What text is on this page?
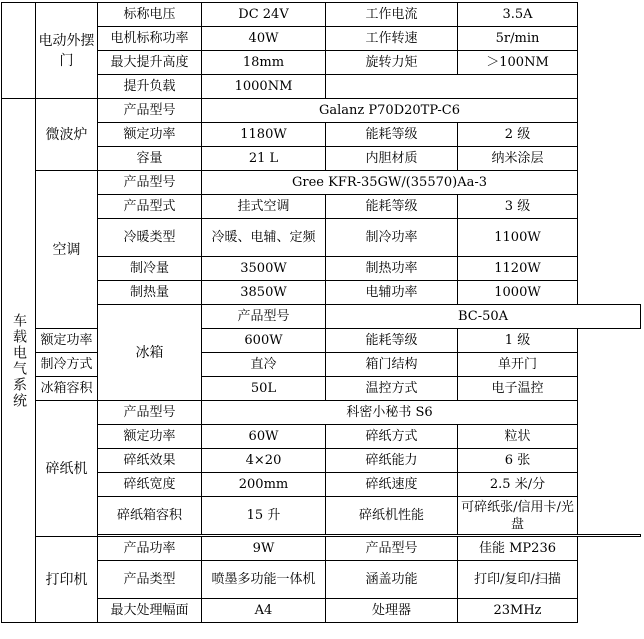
	电动外摆门	标称电压	DC 24V	工作电流	3.5A
		电机标称功率	40W	工作转速	5r/min
		最大提升高度	18mm	旋转力矩	＞100NM
		提升负载	1000NM		
车载电气系统	微波炉	产品型号	Galanz P70D20TP-C6		
		额定功率	1180W	能耗等级	2 级
		容量	21 L	内胆材质	纳米涂层
	空调	产品型号	Gree KFR-35GW/(35570)Aa-3		
		产品型式	挂式空调	能耗等级	3 级
		冷暖类型	冷暖、电辅、定频	制冷功率	1100W
		制冷量	3500W	制热功率	1120W
		制热量	3850W	电辅功率	1000W
		冰箱	产品型号	BC-50A	
	额定功率		600W	能耗等级	1 级
	制冷方式		直冷	箱门结构	单开门
	冰箱容积		50L	温控方式	电子温控
	碎纸机	产品型号	科密小秘书 S6		
		额定功率	60W	碎纸方式	粒状
		碎纸效果	4×20	碎纸能力	6 张
		碎纸宽度	200mm	碎纸速度	2.5 米/分
		碎纸箱容积	15 升	碎纸机性能	可碎纸张/信用卡/光盘

	打印机	产品功率	9W	产品型号	佳能 MP236
		产品类型	喷墨多功能一体机	涵盖功能	打印/复印/扫描
		最大处理幅面	A4	处理器	23MHz
